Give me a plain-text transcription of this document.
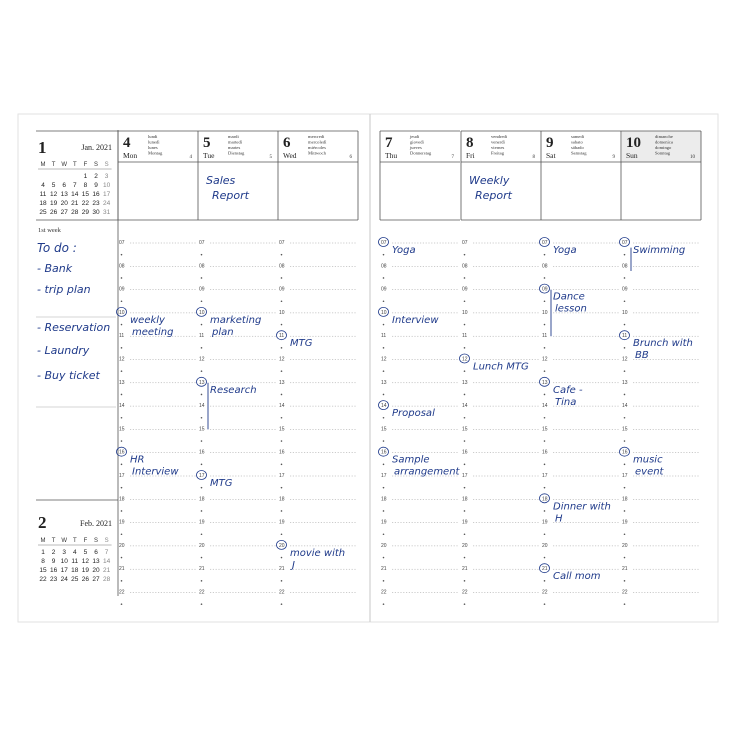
1	Jan. 2021
M T W T F S S
1 2 3
4 5 6 7 8 9 10
11 12 13 14 15 16 17
18 19 20 21 22 23 24
25 26 27 28 29 30 31
1st week
To do :
- Bank
- trip plan
- Reservation
- Laundry
- Buy ticket
2	Feb. 2021
M T W T F S S
1 2 3 4 5 6 7
8 9 10 11 12 13 14
15 16 17 18 19 20 21
22 23 24 25 26 27 28
4
Mon
lundi
lunedì
lunes
Montag
4
5
Tue
mardi
martedì
martes
Dienstag
5
Sales Report
6
Wed
mercredi
mercoledì
miércoles
Mittwoch
6
7
Thu
jeudi
giovedì
jueves
Donnerstag
7
8
Fri
vendredi
venerdì
viernes
Freitag
8
Weekly Report
9
Sat
samedi
sabato
sábado
Samstag
9
10
Sun
dimanche
domenica
domingo
Sonntag
10
07
08
09
10
11
12
13
14
15
16
17
18
19
20
21
22
07
08
09
10
11
12
13
14
15
16
17
18
19
20
21
22
07
08
09
10
11
12
13
14
15
16
17
18
19
20
21
22
07
08
09
10
11
12
13
14
15
16
17
18
19
20
21
22
07
08
09
10
11
12
13
14
15
16
17
18
19
20
21
22
07
08
09
10
11
12
13
14
15
16
17
18
19
20
21
22
07
08
09
10
11
12
13
14
15
16
17
18
19
20
21
22
weekly meeting
HR Interview
marketing plan
Research
MTG
MTG
movie with J
Yoga
Interview
Proposal
Sample arrangement
Lunch MTG
Yoga
Dance lesson
Cafe -Tina
Dinner with H
Call mom
Swimming
Brunch with BB
music event
